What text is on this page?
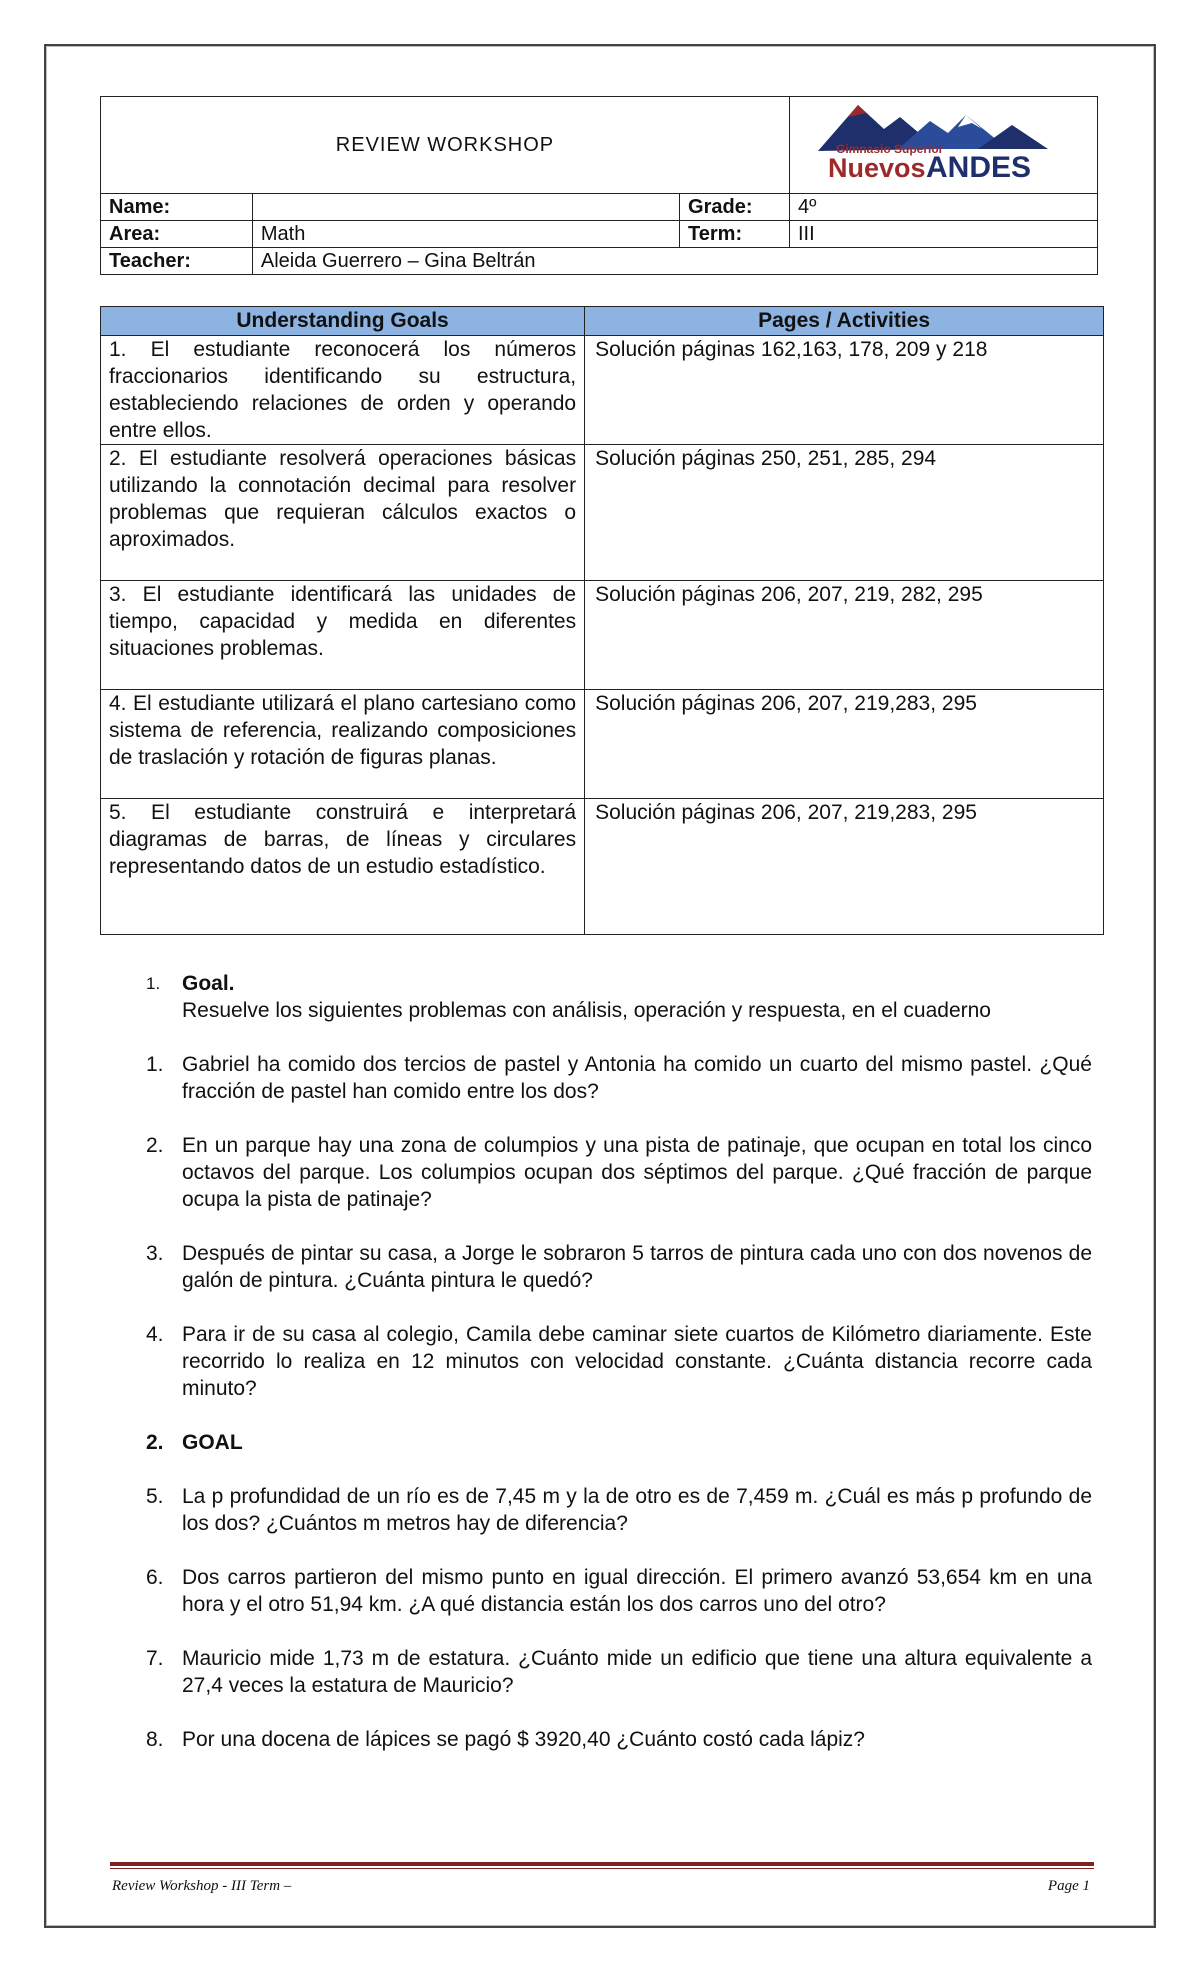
REVIEW WORKSHOP			Gimnasio Superior
Nuevos ANDES

Name:		Grade:	4º
Area:	Math	Term:	III
Teacher:	Aleida Guerrero – Gina Beltrán		
Understanding Goals	Pages / Activities
1. El estudiante reconocerá los números fraccionarios identificando su estructura, estableciendo relaciones de orden y operando entre ellos.	Solución páginas 162,163, 178, 209 y 218
2. El estudiante resolverá operaciones básicas utilizando la connotación decimal para resolver problemas que requieran cálculos exactos o aproximados.	Solución páginas 250, 251, 285, 294
3. El estudiante identificará las unidades de tiempo, capacidad y medida en diferentes situaciones problemas.	Solución páginas 206, 207, 219, 282, 295
4. El estudiante utilizará el plano cartesiano como sistema de referencia, realizando composiciones de traslación y rotación de figuras planas.	Solución páginas 206, 207, 219,283, 295
5. El estudiante construirá e interpretará diagramas de barras, de líneas y circulares representando datos de un estudio estadístico.	Solución páginas 206, 207, 219,283, 295
1.	Goal.
Resuelve los siguientes problemas con análisis, operación y respuesta, en el cuaderno
1. Gabriel ha comido dos tercios de pastel y Antonia ha comido un cuarto del mismo pastel. ¿Qué fracción de pastel han comido entre los dos?
2. En un parque hay una zona de columpios y una pista de patinaje, que ocupan en total los cinco octavos del parque. Los columpios ocupan dos séptimos del parque. ¿Qué fracción de parque ocupa la pista de patinaje?
3. Después de pintar su casa, a Jorge le sobraron 5 tarros de pintura cada uno con dos novenos de galón de pintura. ¿Cuánta pintura le quedó?
4. Para ir de su casa al colegio, Camila debe caminar siete cuartos de Kilómetro diariamente. Este recorrido lo realiza en 12 minutos con velocidad constante. ¿Cuánta distancia recorre cada minuto?
2. GOAL
5. La p profundidad de un río es de 7,45 m y la de otro es de 7,459 m. ¿Cuál es más p profundo de los dos? ¿Cuántos m metros hay de diferencia?
6. Dos carros partieron del mismo punto en igual dirección. El primero avanzó 53,654 km en una hora y el otro 51,94 km. ¿A qué distancia están los dos carros uno del otro?
7. Mauricio mide 1,73 m de estatura. ¿Cuánto mide un edificio que tiene una altura equivalente a 27,4 veces la estatura de Mauricio?
8. Por una docena de lápices se pagó $ 3920,40 ¿Cuánto costó cada lápiz?
Review Workshop - III Term –	Page 1
